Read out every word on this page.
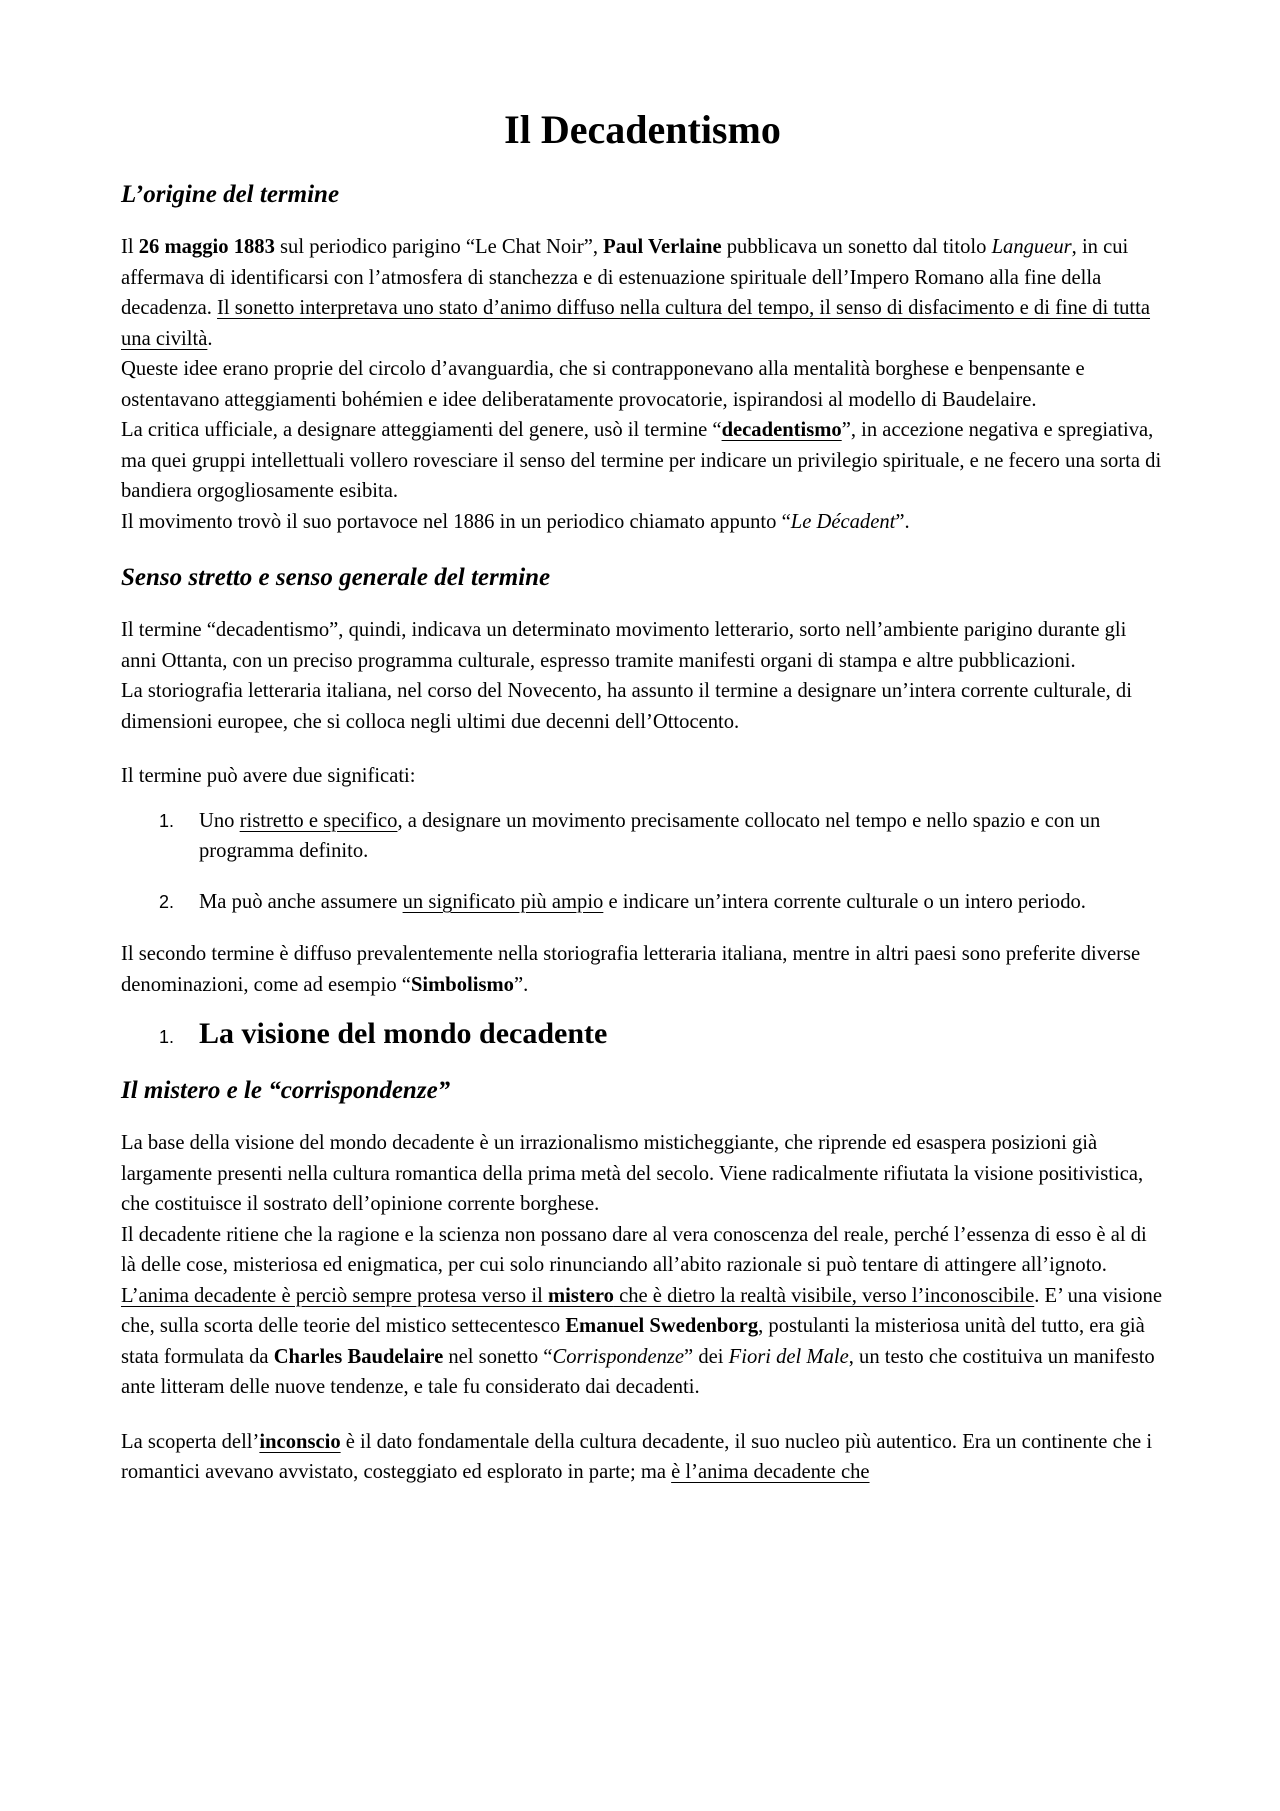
Il Decadentismo
L’origine del termine

Il 26 maggio 1883 sul periodico parigino “Le Chat Noir”, Paul Verlaine pubblicava un sonetto dal titolo Langueur, in cui affermava di identificarsi con l’atmosfera di stanchezza e di estenuazione spirituale dell’Impero Romano alla fine della decadenza. Il sonetto interpretava uno stato d’animo diffuso nella cultura del tempo, il senso di disfacimento e di fine di tutta una civiltà.

Queste idee erano proprie del circolo d’avanguardia, che si contrapponevano alla mentalità borghese e benpensante e ostentavano atteggiamenti bohémien e idee deliberatamente provocatorie, ispirandosi al modello di Baudelaire.

La critica ufficiale, a designare atteggiamenti del genere, usò il termine “decadentismo”, in accezione negativa e spregiativa, ma quei gruppi intellettuali vollero rovesciare il senso del termine per indicare un privilegio spirituale, e ne fecero una sorta di bandiera orgogliosamente esibita.

Il movimento trovò il suo portavoce nel 1886 in un periodico chiamato appunto “Le Décadent”.

Senso stretto e senso generale del termine

Il termine “decadentismo”, quindi, indicava un determinato movimento letterario, sorto nell’ambiente parigino durante gli anni Ottanta, con un preciso programma culturale, espresso tramite manifesti organi di stampa e altre pubblicazioni.

La storiografia letteraria italiana, nel corso del Novecento, ha assunto il termine a designare un’intera corrente culturale, di dimensioni europee, che si colloca negli ultimi due decenni dell’Ottocento.

Il termine può avere due significati:

1. Uno ristretto e specifico, a designare un movimento precisamente collocato nel tempo e nello spazio e con un programma definito.
2. Ma può anche assumere un significato più ampio e indicare un’intera corrente culturale o un intero periodo.

Il secondo termine è diffuso prevalentemente nella storiografia letteraria italiana, mentre in altri paesi sono preferite diverse denominazioni, come ad esempio “Simbolismo”.

1. La visione del mondo decadente
Il mistero e le “corrispondenze”

La base della visione del mondo decadente è un irrazionalismo misticheggiante, che riprende ed esaspera posizioni già largamente presenti nella cultura romantica della prima metà del secolo. Viene radicalmente rifiutata la visione positivistica, che costituisce il sostrato dell’opinione corrente borghese.

Il decadente ritiene che la ragione e la scienza non possano dare al vera conoscenza del reale, perché l’essenza di esso è al di là delle cose, misteriosa ed enigmatica, per cui solo rinunciando all’abito razionale si può tentare di attingere all’ignoto.

L’anima decadente è perciò sempre protesa verso il mistero che è dietro la realtà visibile, verso l’inconoscibile. E’ una visione che, sulla scorta delle teorie del mistico settecentesco Emanuel Swedenborg, postulanti la misteriosa unità del tutto, era già stata formulata da Charles Baudelaire nel sonetto “Corrispondenze” dei Fiori del Male, un testo che costituiva un manifesto ante litteram delle nuove tendenze, e tale fu considerato dai decadenti.

La scoperta dell’inconscio è il dato fondamentale della cultura decadente, il suo nucleo più autentico. Era un continente che i romantici avevano avvistato, costeggiato ed esplorato in parte; ma è l’anima decadente che
